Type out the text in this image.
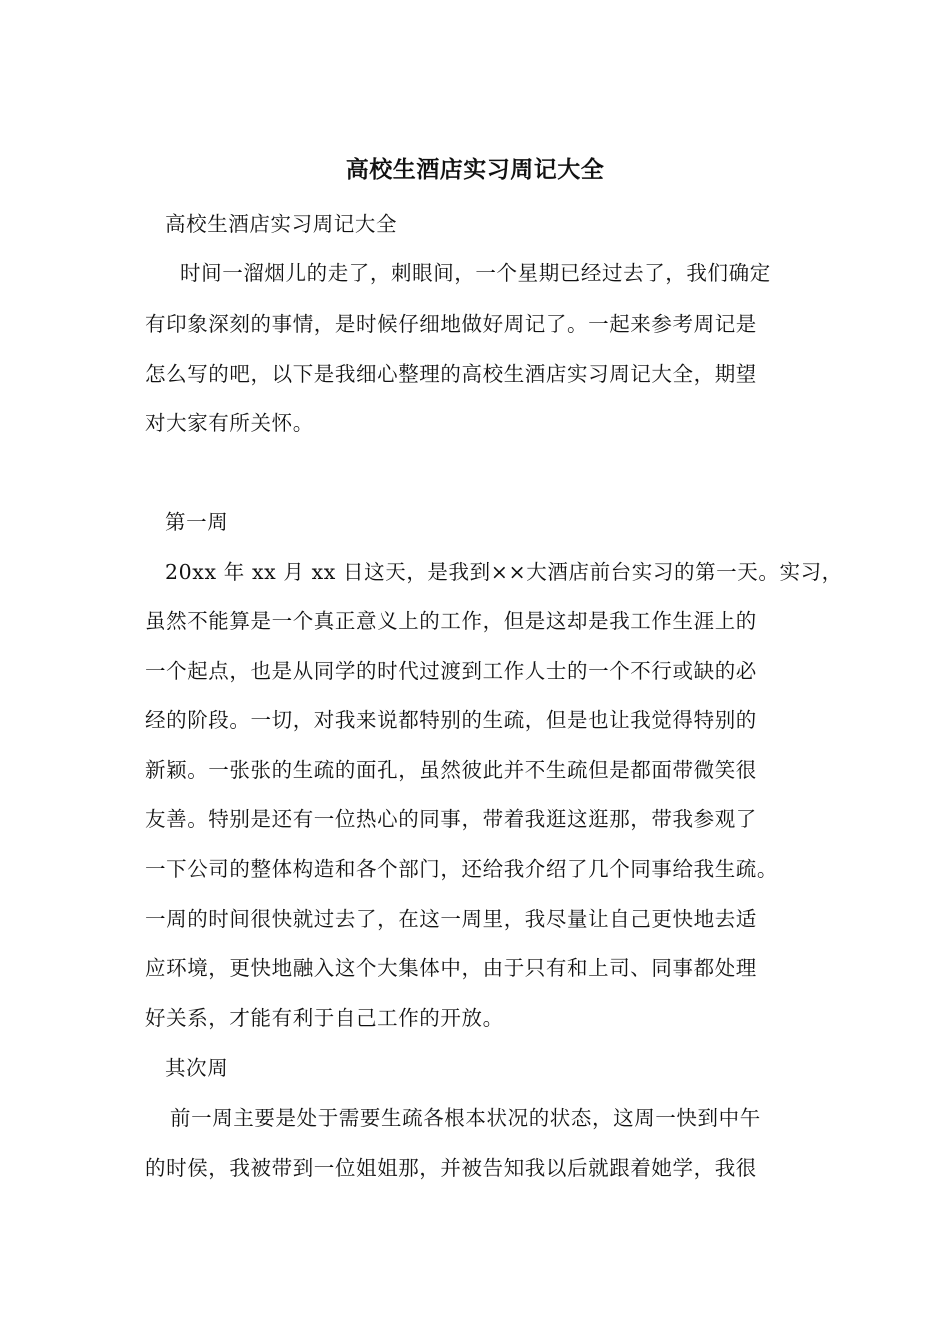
高校生酒店实习周记大全
高校生酒店实习周记大全
时间一溜烟儿的走了，刺眼间，一个星期已经过去了，我们确定
有印象深刻的事情，是时候仔细地做好周记了。一起来参考周记是
怎么写的吧，以下是我细心整理的高校生酒店实习周记大全，期望
对大家有所关怀。
第一周
20xx 年 xx 月 xx 日这天，是我到××大酒店前台实习的第一天。实习，
虽然不能算是一个真正意义上的工作，但是这却是我工作生涯上的
一个起点，也是从同学的时代过渡到工作人士的一个不行或缺的必
经的阶段。一切，对我来说都特别的生疏，但是也让我觉得特别的
新颖。一张张的生疏的面孔，虽然彼此并不生疏但是都面带微笑很
友善。特别是还有一位热心的同事，带着我逛这逛那，带我参观了
一下公司的整体构造和各个部门，还给我介绍了几个同事给我生疏。
一周的时间很快就过去了，在这一周里，我尽量让自己更快地去适
应环境，更快地融入这个大集体中，由于只有和上司、同事都处理
好关系，才能有利于自己工作的开放。
其次周
前一周主要是处于需要生疏各根本状况的状态，这周一快到中午
的时侯，我被带到一位姐姐那，并被告知我以后就跟着她学，我很
